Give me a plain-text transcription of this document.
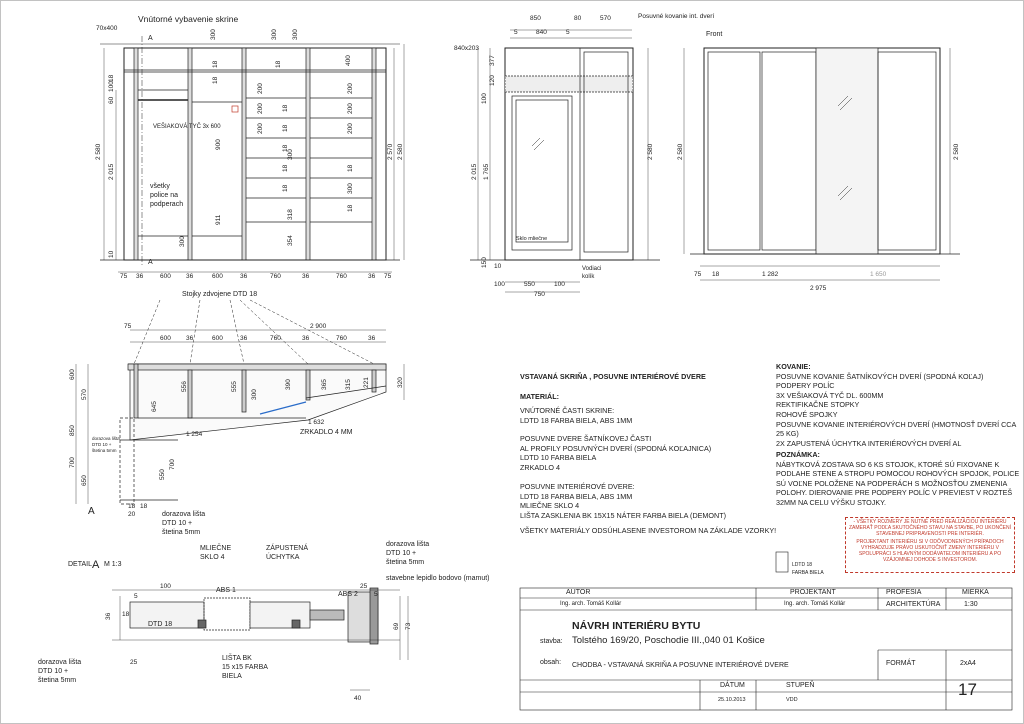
Vnútorné vybavenie skrine
70x400
A
A
2 580
2 015
60
18
100
10
2 570 2 580
300	300 300
18	18	400
200
200
200
200
200
200
300
900
911
300
318
354
300
18
18
18
18
18
18
18
18
VEŠIAKOVÁ TYČ 3x 600
všetky
police na
podperach
75 36	600 36	600	36	760	36	760	36 75
850	80	570
5	840	5
Posuvné kovanie int. dverí
840x203
377
120
100
2 015 1 765
2 580
150
100	550	100
750
10
Sklo mliečne
Vodiaci
kolík
Front
2 580	2 580
75 18	1 282	1 650
2 975
Stojky zdvojene DTD 18
ZRKADLO 4 MM
A
75	2 900
600 36	600	36	760	36	760	36
600
570
850
700
650
550
700
645
556	555
300
390	365	315 221	320
1 254
1 632
18 18
20
dorazova lišta
DTD 10 +
štetina 5mm
dorazova lišta
DTD 10 +
štetina 5mm
DETAIL A M 1:3
MLIEČNE
SKLO 4
ZÁPUSTENÁ
ÚCHYTKA
ABS 1
ABS 2
DTD 18
dorazova lišta
DTD 10 +
štetina 5mm
stavebne lepidlo bodovo (mamut)
LIŠTA BK
15 x15 FARBA
BIELA
dorazova lišta
DTD 10 +
štetina 5mm
100
18
36
5
25
25
69 73
40
5
LDTD 18
FARBA BIELA
VSTAVANÁ SKRIŇA , POSUVNE INTERIÉROVÉ DVERE
MATERIÁL:
VNÚTORNÉ ČASTI SKRINE:
LDTD 18 FARBA BIELA, ABS 1MM
POSUVNE DVERE ŠATNÍKOVEJ ČASTI
AL PROFILY POSUVNÝCH DVERÍ (SPODNÁ KOĽAJNICA)
LDTD 10 FARBA BIELA
ZRKADLO 4
POSUVNE INTERIÉROVÉ DVERE:
LDTD 18 FARBA BIELA, ABS 1MM
MLIEČNE SKLO 4
LIŠTA ZASKLENIA BK 15X15 NÁTER FARBA BIELA (DEMONT)
VŠETKY MATERIÁLY ODSÚHLASENE INVESTOROM NA ZÁKLADE VZORKY!
KOVANIE:
POSUVNE KOVANIE ŠATNÍKOVÝCH DVERÍ (SPODNÁ KOĽAJ)
PODPERY POLÍC
3X VEŠIAKOVÁ TYČ DL. 600MM
REKTIFIKAČNE STOPKY
ROHOVÉ SPOJKY
POSUVNE KOVANIE INTERIÉROVÝCH DVERÍ (HMOTNOSŤ DVERÍ CCA
25 KG)
2X ZAPUSTENÁ ÚCHYTKA INTERIÉROVÝCH DVERÍ AL
POZNÁMKA:
NÁBYTKOVÁ ZOSTAVA SO 6 KS STOJOK, KTORÉ SÚ FIXOVANE K
PODLAHE STENE A STROPU POMOCOU ROHOVÝCH SPOJOK, POLICE
SÚ VOĽNE POLOŽENE NA PODPERÁCH S MOŽNOSŤOU ZMENENIA
POLOHY. DIEROVANIE PRE PODPERY POLÍC V PREVIEST V ROZTEŠ
32MM NA CELU VÝŠKU STOJKY.
- VŠETKY ROZMERY JE NUTNÉ PRED REALIZÁCIOU INTERIÉRU ZAMERAŤ PODĽA SKUTOČNÉHO STAVU NA STAVBE, PO UKONČENÍ STAVEBNEJ PRIPRAVENOSTI PRE INTERIÉR.
PROJEKTANT INTERIÉRU SI V ODÔVODNENÝCH PRÍPADOCH VYHRADZUJE PRÁVO USKUTOČNIŤ ZMENY INTERIÉRU V SPOLUPRÁCI S HLAVNÝM DODÁVATEĽOM INTERIÉRU A PO VZÁJOMNEJ DOHODE S INVESTOROM.
AUTOR
Ing. arch. Tomáš Kollár
PROJEKTANT
Ing. arch. Tomáš Kollár
PROFESIA
ARCHITEKTÚRA
MIERKA
1:30
NÁVRH INTERIÉRU BYTU
stavba: Tolstého 169/20, Poschodie III.,040 01 Košice
obsah: CHODBA - VSTAVANÁ SKRIŇA A POSUVNE INTERIÉROVÉ DVERE	FORMÁT	2xA4
DÁTUM
25.10.2013
STUPEŇ
VDD
17
